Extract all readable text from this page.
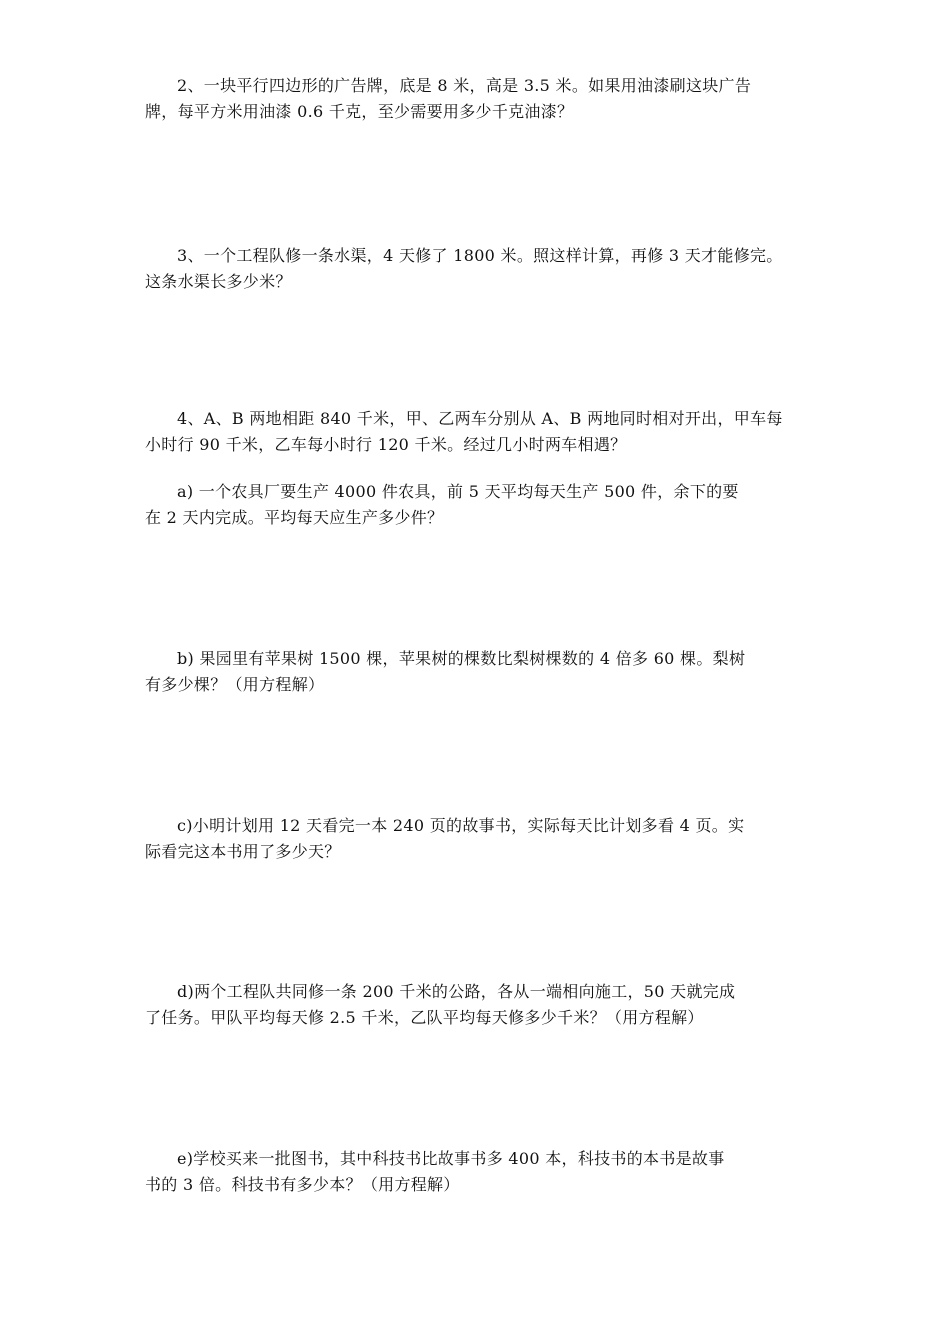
2、一块平行四边形的广告牌，底是 8 米，高是 3.5 米。如果用油漆刷这块广告
牌，每平方米用油漆 0.6 千克，至少需要用多少千克油漆？
3、一个工程队修一条水渠，4 天修了 1800 米。照这样计算，再修 3 天才能修完。
这条水渠长多少米？
4、A、B 两地相距 840 千米，甲、乙两车分别从 A、B 两地同时相对开出，甲车每
小时行 90 千米，乙车每小时行 120 千米。经过几小时两车相遇？
a) 一个农具厂要生产 4000 件农具，前 5 天平均每天生产 500 件，余下的要
在 2 天内完成。平均每天应生产多少件？
b) 果园里有苹果树 1500 棵，苹果树的棵数比梨树棵数的 4 倍多 60 棵。梨树
有多少棵？（用方程解）
c)小明计划用 12 天看完一本 240 页的故事书，实际每天比计划多看 4 页。实
际看完这本书用了多少天？
d)两个工程队共同修一条 200 千米的公路，各从一端相向施工，50 天就完成
了任务。甲队平均每天修 2.5 千米，乙队平均每天修多少千米？（用方程解）
e)学校买来一批图书，其中科技书比故事书多 400 本，科技书的本书是故事
书的 3 倍。科技书有多少本？（用方程解）
